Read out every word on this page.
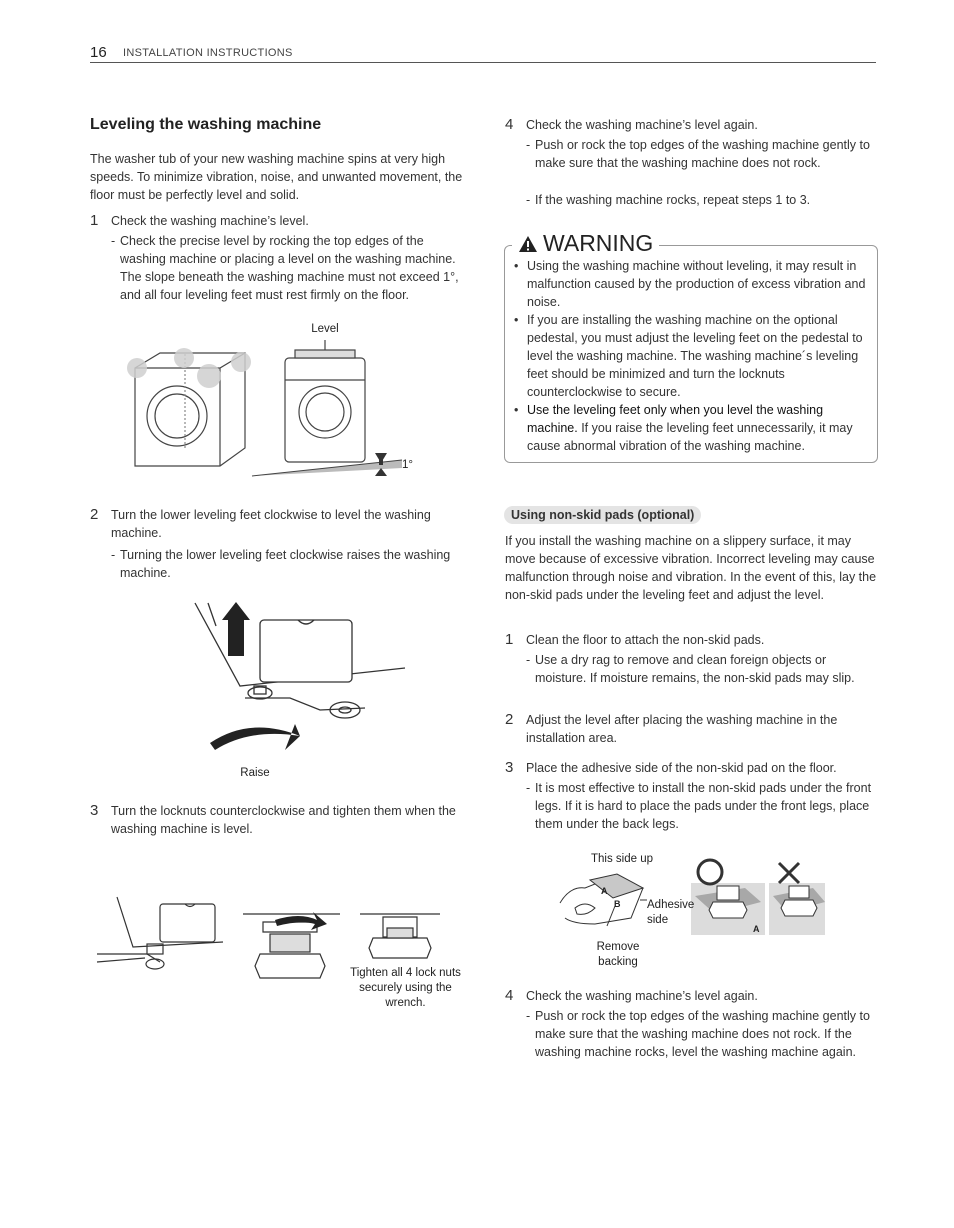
16 INSTALLATION INSTRUCTIONS
Leveling the washing machine
The washer tub of your new washing machine spins at very high speeds. To minimize vibration, noise, and unwanted movement, the floor must be perfectly level and solid.
1 Check the washing machine’s level.
- Check the precise level by rocking the top edges of the washing machine or placing a level on the washing machine. The slope beneath the washing machine must not exceed 1°, and all four leveling feet must rest firmly on the floor.
Level
1°
2 Turn the lower leveling feet clockwise to level the washing machine.
- Turning the lower leveling feet clockwise raises the washing machine.
Raise
3 Turn the locknuts counterclockwise and tighten them when the washing machine is level.
Tighten all 4 lock nuts securely using the wrench.
4 Check the washing machine’s level again.
- Push or rock the top edges of the washing machine gently to make sure that the washing machine does not rock.
- If the washing machine rocks, repeat steps 1 to 3.
WARNING
• Using the washing machine without leveling, it may result in malfunction caused by the production of excess vibration and noise.
• If you are installing the washing machine on the optional pedestal, you must adjust the leveling feet on the pedestal to level the washing machine. The washing machine´s leveling feet should be minimized and turn the locknuts counterclockwise to secure.
• Use the leveling feet only when you level the washing machine. If you raise the leveling feet unnecessarily, it may cause abnormal vibration of the washing machine.
Using non-skid pads (optional)
If you install the washing machine on a slippery surface, it may move because of excessive vibration. Incorrect leveling may cause malfunction through noise and vibration. In the event of this, lay the non-skid pads under the leveling feet and adjust the level.
1 Clean the floor to attach the non-skid pads.
- Use a dry rag to remove and clean foreign objects or moisture. If moisture remains, the non-skid pads may slip.
2 Adjust the level after placing the washing machine in the installation area.
3 Place the adhesive side of the non-skid pad on the floor.
- It is most effective to install the non-skid pads under the front legs. If it is hard to place the pads under the front legs, place them under the back legs.
This side up
A
B Adhesive side
Remove backing
A
4 Check the washing machine’s level again.
- Push or rock the top edges of the washing machine gently to make sure that the washing machine does not rock. If the washing machine rocks, level the washing machine again.
